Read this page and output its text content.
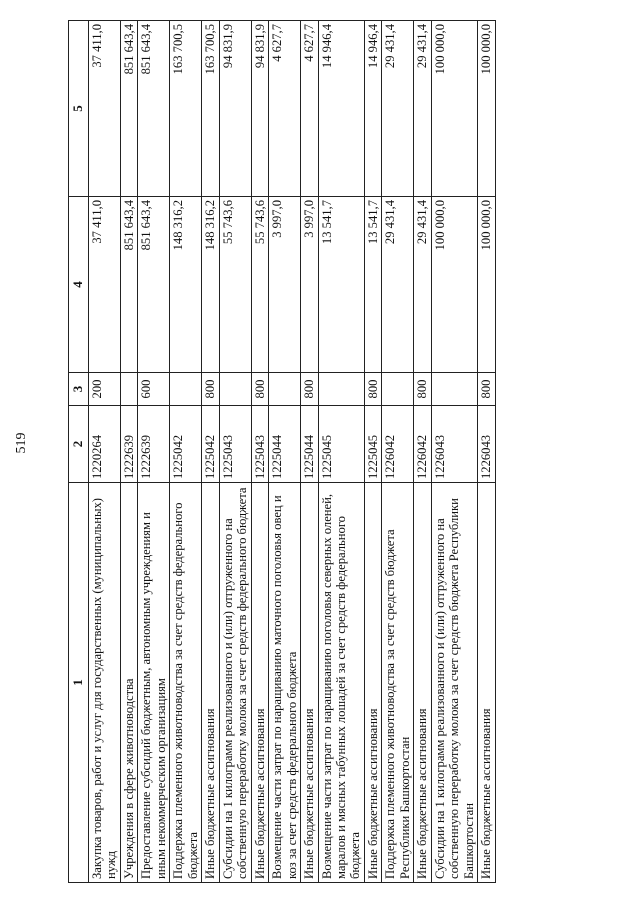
519
1	2	3	4	5
Закупка товаров, работ и услуг для государственных (муниципальных) нужд	1220264	200	37 411,0	37 411,0
Учреждения в сфере животноводства	1222639		851 643,4	851 643,4
Предоставление субсидий бюджетным, автономным учреждениям и иным некоммерческим организациям	1222639	600	851 643,4	851 643,4
Поддержка племенного животноводства за счет средств федерального бюджета	1225042		148 316,2	163 700,5
Иные бюджетные ассигнования	1225042	800	148 316,2	163 700,5
Субсидии на 1 килограмм реализованного и (или) отгруженного на собственную переработку молока за счет средств федерального бюджета	1225043		55 743,6	94 831,9
Иные бюджетные ассигнования	1225043	800	55 743,6	94 831,9
Возмещение части затрат по наращиванию маточного поголовья овец и коз за счет средств федерального бюджета	1225044		3 997,0	4 627,7
Иные бюджетные ассигнования	1225044	800	3 997,0	4 627,7
Возмещение части затрат по наращиванию поголовья северных оленей, маралов и мясных табунных лошадей за счет средств федерального бюджета	1225045		13 541,7	14 946,4
Иные бюджетные ассигнования	1225045	800	13 541,7	14 946,4
Поддержка племенного животноводства за счет средств бюджета Республики Башкортостан	1226042		29 431,4	29 431,4
Иные бюджетные ассигнования	1226042	800	29 431,4	29 431,4
Субсидии на 1 килограмм реализованного и (или) отгруженного на собственную переработку молока за счет средств бюджета Республики Башкортостан	1226043		100 000,0	100 000,0
Иные бюджетные ассигнования	1226043	800	100 000,0	100 000,0
